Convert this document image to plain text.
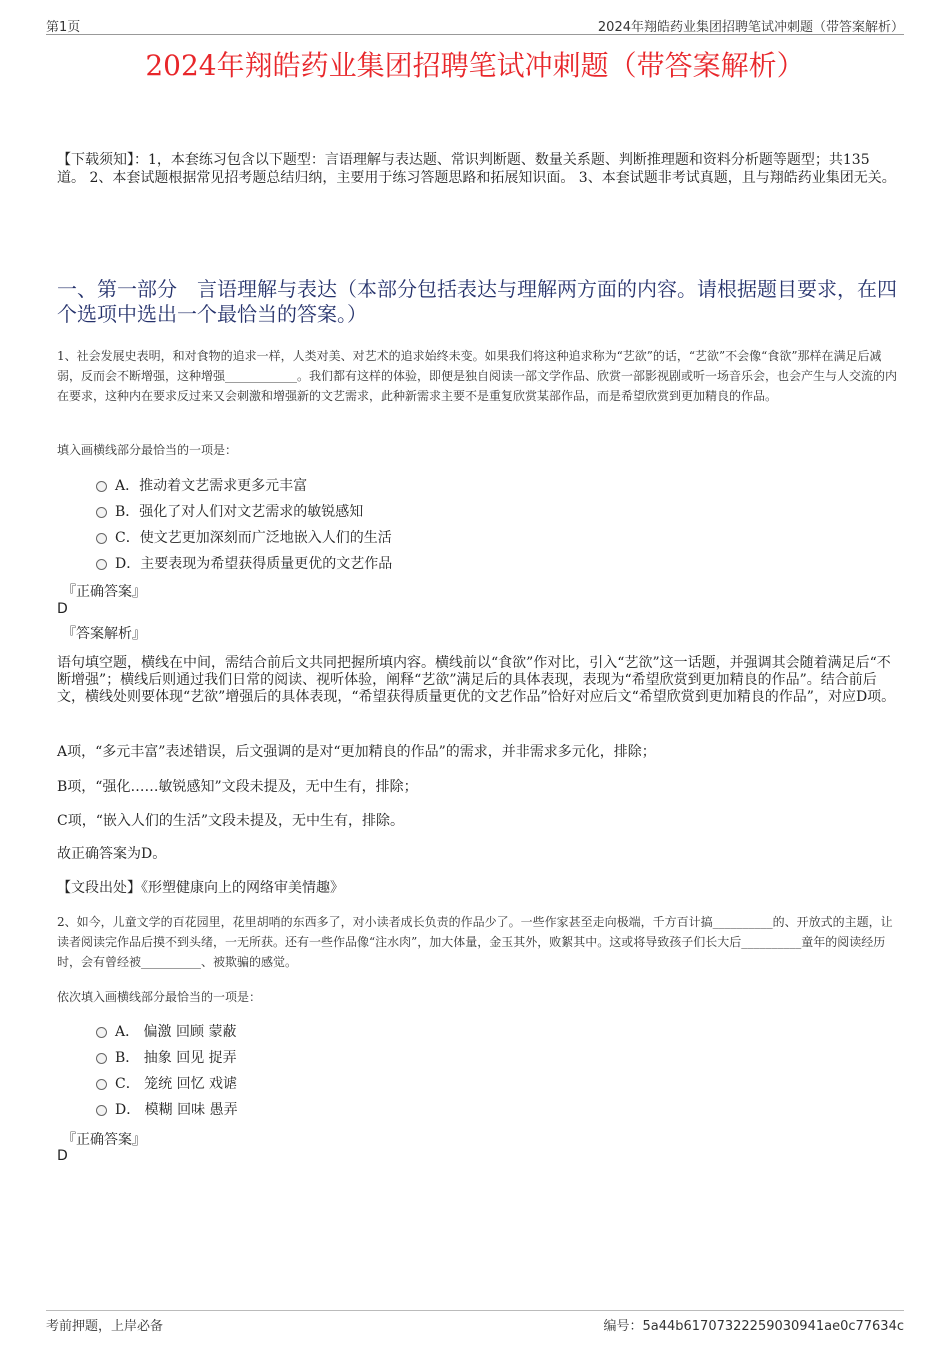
第1页	2024年翔皓药业集团招聘笔试冲刺题（带答案解析）
2024年翔皓药业集团招聘笔试冲刺题（带答案解析）
【下载须知】：1，本套练习包含以下题型：言语理解与表达题、常识判断题、数量关系题、判断推理题和资料分析题等题型；共135道。 2、本套试题根据常见招考题总结归纳，主要用于练习答题思路和拓展知识面。 3、本套试题非考试真题，且与翔皓药业集团无关。
一、第一部分　言语理解与表达（本部分包括表达与理解两方面的内容。请根据题目要求，在四个选项中选出一个最恰当的答案。）
1、社会发展史表明，和对食物的追求一样，人类对美、对艺术的追求始终未变。如果我们将这种追求称为“艺欲”的话，“艺欲”不会像“食欲”那样在满足后减弱，反而会不断增强，这种增强____________。我们都有这样的体验，即便是独自阅读一部文学作品、欣赏一部影视剧或听一场音乐会，也会产生与人交流的内在要求，这种内在要求反过来又会刺激和增强新的文艺需求，此种新需求主要不是重复欣赏某部作品，而是希望欣赏到更加精良的作品。
填入画横线部分最恰当的一项是：
A．推动着文艺需求更多元丰富
B．强化了对人们对文艺需求的敏锐感知
C．使文艺更加深刻而广泛地嵌入人们的生活
D．主要表现为希望获得质量更优的文艺作品
『正确答案』
D
『答案解析』
语句填空题，横线在中间，需结合前后文共同把握所填内容。横线前以“食欲”作对比，引入“艺欲”这一话题，并强调其会随着满足后“不断增强”；横线后则通过我们日常的阅读、视听体验，阐释“艺欲”满足后的具体表现，表现为“希望欣赏到更加精良的作品”。结合前后文，横线处则要体现“艺欲”增强后的具体表现，“希望获得质量更优的文艺作品”恰好对应后文“希望欣赏到更加精良的作品”，对应D项。
A项，“多元丰富”表述错误，后文强调的是对“更加精良的作品”的需求，并非需求多元化，排除；
B项，“强化……敏锐感知”文段未提及，无中生有，排除；
C项，“嵌入人们的生活”文段未提及，无中生有，排除。
故正确答案为D。
【文段出处】《形塑健康向上的网络审美情趣》
2、如今，儿童文学的百花园里，花里胡哨的东西多了，对小读者成长负责的作品少了。一些作家甚至走向极端，千方百计搞__________的、开放式的主题，让读者阅读完作品后摸不到头绪，一无所获。还有一些作品像“注水肉”，加大体量，金玉其外，败絮其中。这或将导致孩子们长大后__________童年的阅读经历时，会有曾经被__________、被欺骗的感觉。
依次填入画横线部分最恰当的一项是：
A． 偏激 回顾 蒙蔽
B． 抽象 回见 捉弄
C． 笼统 回忆 戏谑
D． 模糊 回味 愚弄
『正确答案』
D
考前押题，上岸必备	编号：5a44b61707322259030941ae0c77634c
